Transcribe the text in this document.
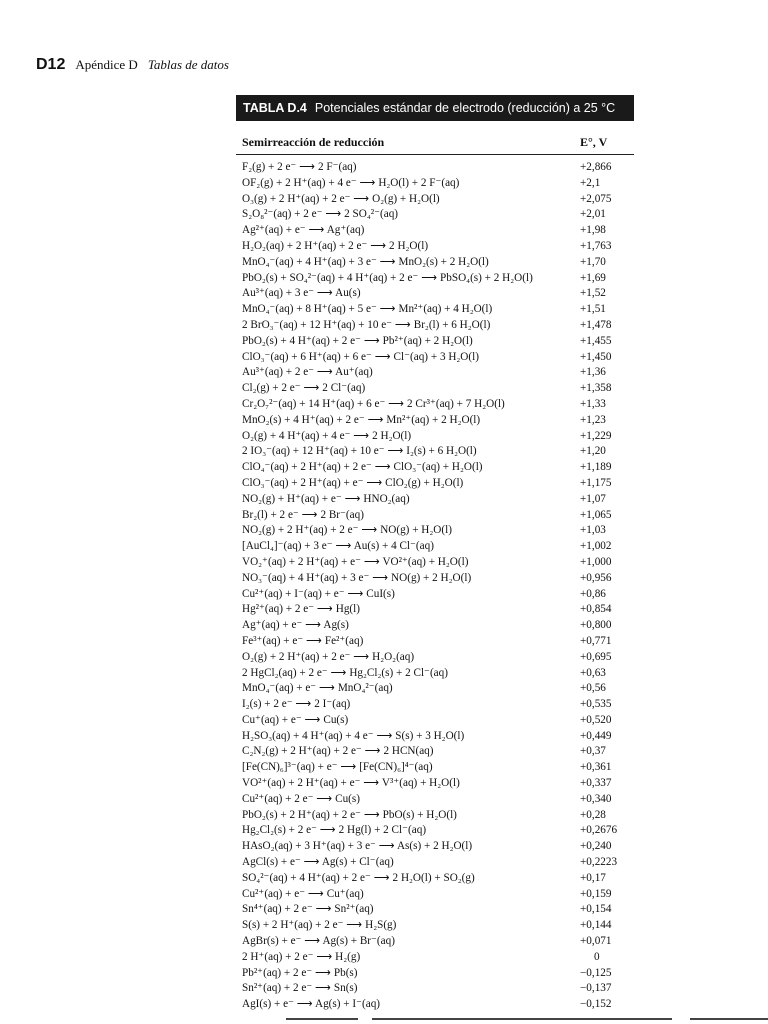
D12 Apéndice D Tablas de datos
TABLA D.4 Potenciales estándar de electrodo (reducción) a 25 °C
Semirreacción de reducción	E°, V
F₂(g) + 2 e⁻ ⟶ 2 F⁻(aq)	+2,866
OF₂(g) + 2 H⁺(aq) + 4 e⁻ ⟶ H₂O(l) + 2 F⁻(aq)	+2,1
O₃(g) + 2 H⁺(aq) + 2 e⁻ ⟶ O₂(g) + H₂O(l)	+2,075
S₂O₈²⁻(aq) + 2 e⁻ ⟶ 2 SO₄²⁻(aq)	+2,01
Ag²⁺(aq) + e⁻ ⟶ Ag⁺(aq)	+1,98
H₂O₂(aq) + 2 H⁺(aq) + 2 e⁻ ⟶ 2 H₂O(l)	+1,763
MnO₄⁻(aq) + 4 H⁺(aq) + 3 e⁻ ⟶ MnO₂(s) + 2 H₂O(l)	+1,70
PbO₂(s) + SO₄²⁻(aq) + 4 H⁺(aq) + 2 e⁻ ⟶ PbSO₄(s) + 2 H₂O(l)	+1,69
Au³⁺(aq) + 3 e⁻ ⟶ Au(s)	+1,52
MnO₄⁻(aq) + 8 H⁺(aq) + 5 e⁻ ⟶ Mn²⁺(aq) + 4 H₂O(l)	+1,51
2 BrO₃⁻(aq) + 12 H⁺(aq) + 10 e⁻ ⟶ Br₂(l) + 6 H₂O(l)	+1,478
PbO₂(s) + 4 H⁺(aq) + 2 e⁻ ⟶ Pb²⁺(aq) + 2 H₂O(l)	+1,455
ClO₃⁻(aq) + 6 H⁺(aq) + 6 e⁻ ⟶ Cl⁻(aq) + 3 H₂O(l)	+1,450
Au³⁺(aq) + 2 e⁻ ⟶ Au⁺(aq)	+1,36
Cl₂(g) + 2 e⁻ ⟶ 2 Cl⁻(aq)	+1,358
Cr₂O₇²⁻(aq) + 14 H⁺(aq) + 6 e⁻ ⟶ 2 Cr³⁺(aq) + 7 H₂O(l)	+1,33
MnO₂(s) + 4 H⁺(aq) + 2 e⁻ ⟶ Mn²⁺(aq) + 2 H₂O(l)	+1,23
O₂(g) + 4 H⁺(aq) + 4 e⁻ ⟶ 2 H₂O(l)	+1,229
2 IO₃⁻(aq) + 12 H⁺(aq) + 10 e⁻ ⟶ I₂(s) + 6 H₂O(l)	+1,20
ClO₄⁻(aq) + 2 H⁺(aq) + 2 e⁻ ⟶ ClO₃⁻(aq) + H₂O(l)	+1,189
ClO₃⁻(aq) + 2 H⁺(aq) + e⁻ ⟶ ClO₂(g) + H₂O(l)	+1,175
NO₂(g) + H⁺(aq) + e⁻ ⟶ HNO₂(aq)	+1,07
Br₂(l) + 2 e⁻ ⟶ 2 Br⁻(aq)	+1,065
NO₂(g) + 2 H⁺(aq) + 2 e⁻ ⟶ NO(g) + H₂O(l)	+1,03
[AuCl₄]⁻(aq) + 3 e⁻ ⟶ Au(s) + 4 Cl⁻(aq)	+1,002
VO₂⁺(aq) + 2 H⁺(aq) + e⁻ ⟶ VO²⁺(aq) + H₂O(l)	+1,000
NO₃⁻(aq) + 4 H⁺(aq) + 3 e⁻ ⟶ NO(g) + 2 H₂O(l)	+0,956
Cu²⁺(aq) + I⁻(aq) + e⁻ ⟶ CuI(s)	+0,86
Hg²⁺(aq) + 2 e⁻ ⟶ Hg(l)	+0,854
Ag⁺(aq) + e⁻ ⟶ Ag(s)	+0,800
Fe³⁺(aq) + e⁻ ⟶ Fe²⁺(aq)	+0,771
O₂(g) + 2 H⁺(aq) + 2 e⁻ ⟶ H₂O₂(aq)	+0,695
2 HgCl₂(aq) + 2 e⁻ ⟶ Hg₂Cl₂(s) + 2 Cl⁻(aq)	+0,63
MnO₄⁻(aq) + e⁻ ⟶ MnO₄²⁻(aq)	+0,56
I₂(s) + 2 e⁻ ⟶ 2 I⁻(aq)	+0,535
Cu⁺(aq) + e⁻ ⟶ Cu(s)	+0,520
H₂SO₃(aq) + 4 H⁺(aq) + 4 e⁻ ⟶ S(s) + 3 H₂O(l)	+0,449
C₂N₂(g) + 2 H⁺(aq) + 2 e⁻ ⟶ 2 HCN(aq)	+0,37
[Fe(CN)₆]³⁻(aq) + e⁻ ⟶ [Fe(CN)₆]⁴⁻(aq)	+0,361
VO²⁺(aq) + 2 H⁺(aq) + e⁻ ⟶ V³⁺(aq) + H₂O(l)	+0,337
Cu²⁺(aq) + 2 e⁻ ⟶ Cu(s)	+0,340
PbO₂(s) + 2 H⁺(aq) + 2 e⁻ ⟶ PbO(s) + H₂O(l)	+0,28
Hg₂Cl₂(s) + 2 e⁻ ⟶ 2 Hg(l) + 2 Cl⁻(aq)	+0,2676
HAsO₂(aq) + 3 H⁺(aq) + 3 e⁻ ⟶ As(s) + 2 H₂O(l)	+0,240
AgCl(s) + e⁻ ⟶ Ag(s) + Cl⁻(aq)	+0,2223
SO₄²⁻(aq) + 4 H⁺(aq) + 2 e⁻ ⟶ 2 H₂O(l) + SO₂(g)	+0,17
Cu²⁺(aq) + e⁻ ⟶ Cu⁺(aq)	+0,159
Sn⁴⁺(aq) + 2 e⁻ ⟶ Sn²⁺(aq)	+0,154
S(s) + 2 H⁺(aq) + 2 e⁻ ⟶ H₂S(g)	+0,144
AgBr(s) + e⁻ ⟶ Ag(s) + Br⁻(aq)	+0,071
2 H⁺(aq) + 2 e⁻ ⟶ H₂(g)	0
Pb²⁺(aq) + 2 e⁻ ⟶ Pb(s)	−0,125
Sn²⁺(aq) + 2 e⁻ ⟶ Sn(s)	−0,137
AgI(s) + e⁻ ⟶ Ag(s) + I⁻(aq)	−0,152
